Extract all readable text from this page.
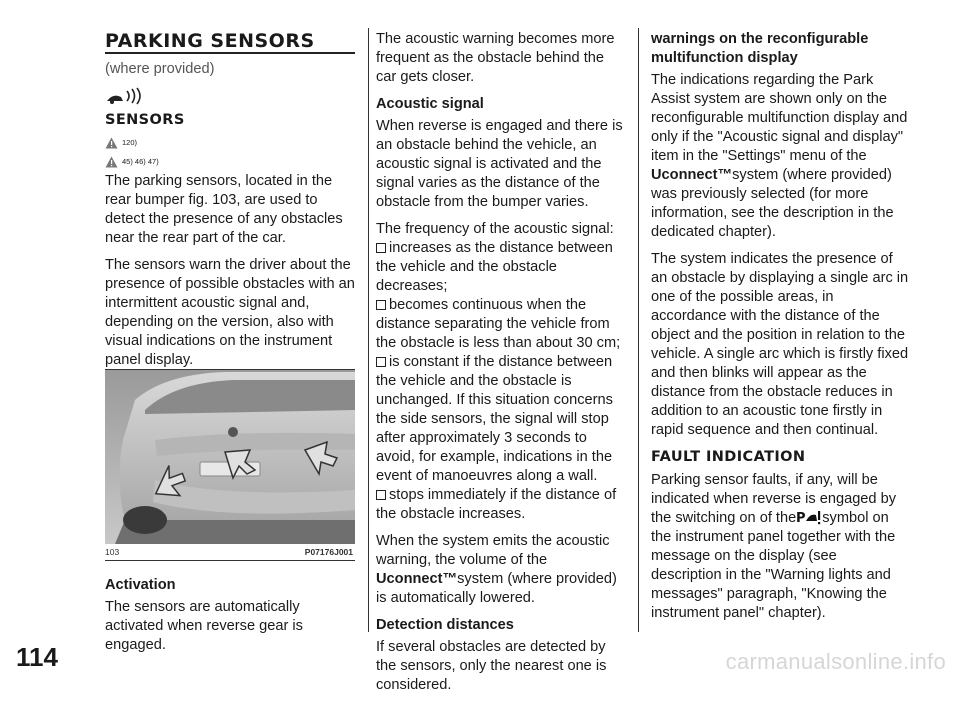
PARKING SENSORS

(where provided)

SENSORS
120)
45) 46) 47)

The parking sensors, located in the rear bumper fig. 103, are used to detect the presence of any obstacles near the rear part of the car.

The sensors warn the driver about the presence of possible obstacles with an intermittent acoustic signal and, depending on the version, also with visual indications on the instrument panel display.

103	P07176J001
Activation

The sensors are automatically activated when reverse gear is engaged.

The acoustic warning becomes more frequent as the obstacle behind the car gets closer.

Acoustic signal

When reverse is engaged and there is an obstacle behind the vehicle, an acoustic signal is activated and the signal varies as the distance of the obstacle from the bumper varies.

The frequency of the acoustic signal:

increases as the distance between the vehicle and the obstacle decreases;
becomes continuous when the distance separating the vehicle from the obstacle is less than about 30 cm;
is constant if the distance between the vehicle and the obstacle is unchanged. If this situation concerns the side sensors, the signal will stop after approximately 3 seconds to avoid, for example, indications in the event of manoeuvres along a wall.
stops immediately if the distance of the obstacle increases.

When the system emits the acoustic warning, the volume of the Uconnect™system (where provided) is automatically lowered.

Detection distances

If several obstacles are detected by the sensors, only the nearest one is considered.

warnings on the reconfigurable multifunction display

The indications regarding the Park Assist system are shown only on the reconfigurable multifunction display and only if the "Acoustic signal and display" item in the "Settings" menu of the Uconnect™system (where provided) was previously selected (for more information, see the description in the dedicated chapter).

The system indicates the presence of an obstacle by displaying a single arc in one of the possible areas, in accordance with the distance of the object and the position in relation to the vehicle. A single arc which is firstly fixed and then blinks will appear as the distance from the obstacle reduces in addition to an acoustic tone firstly in rapid sequence and then continual.

FAULT INDICATION

Parking sensor faults, if any, will be indicated when reverse is engaged by the switching on of the P symbol on the instrument panel together with the message on the display (see description in the "Warning lights and messages" paragraph, "Knowing the instrument panel" chapter).

114	carmanualsonline.info
